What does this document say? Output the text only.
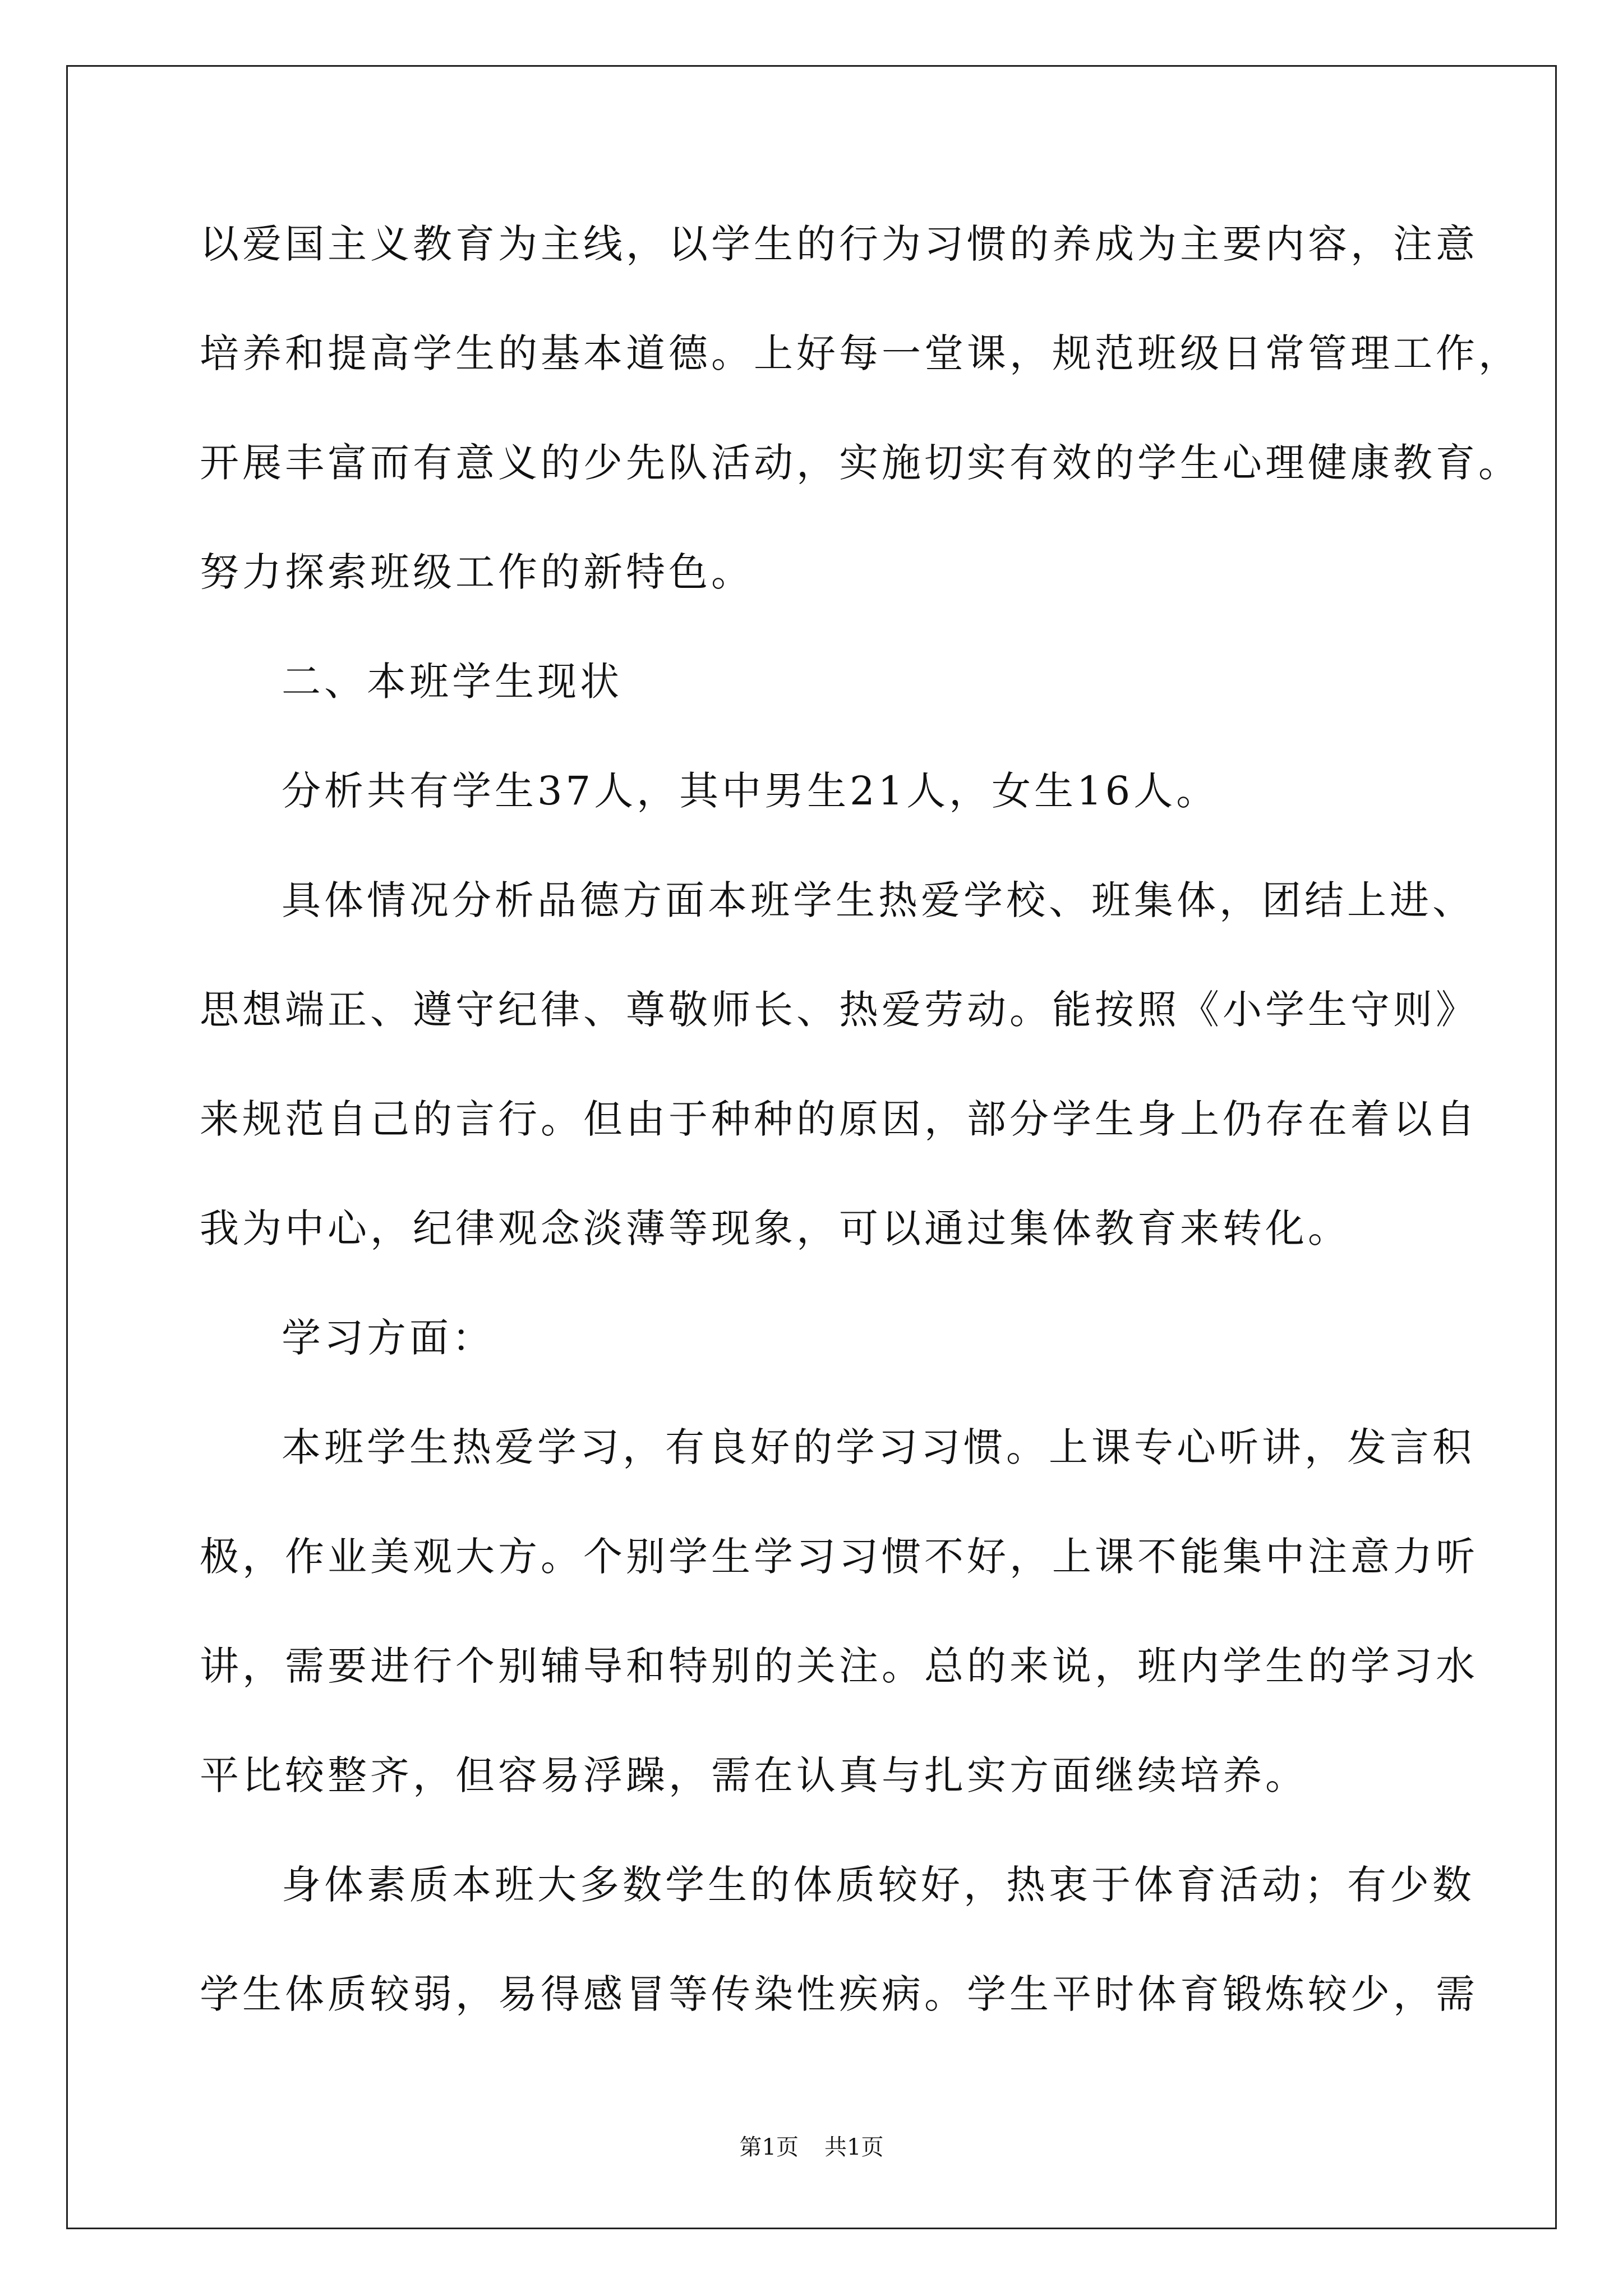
以爱国主义教育为主线，以学生的行为习惯的养成为主要内容，注意

培养和提高学生的基本道德。上好每一堂课，规范班级日常管理工作，

开展丰富而有意义的少先队活动，实施切实有效的学生心理健康教育。

努力探索班级工作的新特色。

二、本班学生现状

分析共有学生37人，其中男生21人，女生16人。

具体情况分析品德方面本班学生热爱学校、班集体，团结上进、

思想端正、遵守纪律、尊敬师长、热爱劳动。能按照《小学生守则》

来规范自己的言行。但由于种种的原因，部分学生身上仍存在着以自

我为中心，纪律观念淡薄等现象，可以通过集体教育来转化。

学习方面：

本班学生热爱学习，有良好的学习习惯。上课专心听讲，发言积

极，作业美观大方。个别学生学习习惯不好，上课不能集中注意力听

讲，需要进行个别辅导和特别的关注。总的来说，班内学生的学习水

平比较整齐，但容易浮躁，需在认真与扎实方面继续培养。

身体素质本班大多数学生的体质较好，热衷于体育活动；有少数

学生体质较弱，易得感冒等传染性疾病。学生平时体育锻炼较少，需

第1页 共1页
